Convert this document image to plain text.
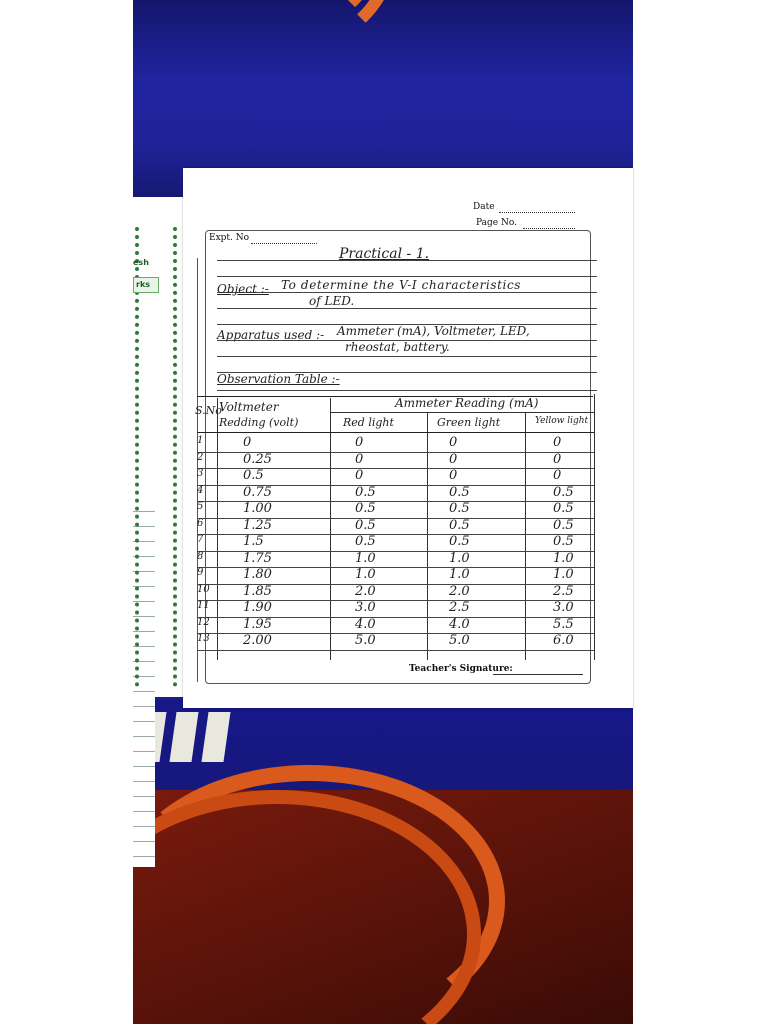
esh
rks
Date
Page No.
Expt. No
Practical - 1.
Object :- To determine the V-I characteristics
of LED.
Apparatus used :- Ammeter (mA), Voltmeter, LED,
rheostat, battery.
Observation Table :-
S.No
Voltmeter
Redding (volt)
Ammeter Reading (mA)
Red light	Green light	Yellow light
1	0	0	0	0
2	0.25	0	0	0
3	0.5	0	0	0
4	0.75	0.5	0.5	0.5
5	1.00	0.5	0.5	0.5
6	1.25	0.5	0.5	0.5
7	1.5	0.5	0.5	0.5
8	1.75	1.0	1.0	1.0
9	1.80	1.0	1.0	1.0
10	1.85	2.0	2.0	2.5
11	1.90	3.0	2.5	3.0
12	1.95	4.0	4.0	5.5
13	2.00	5.0	5.0	6.0
Teacher's Signature:
